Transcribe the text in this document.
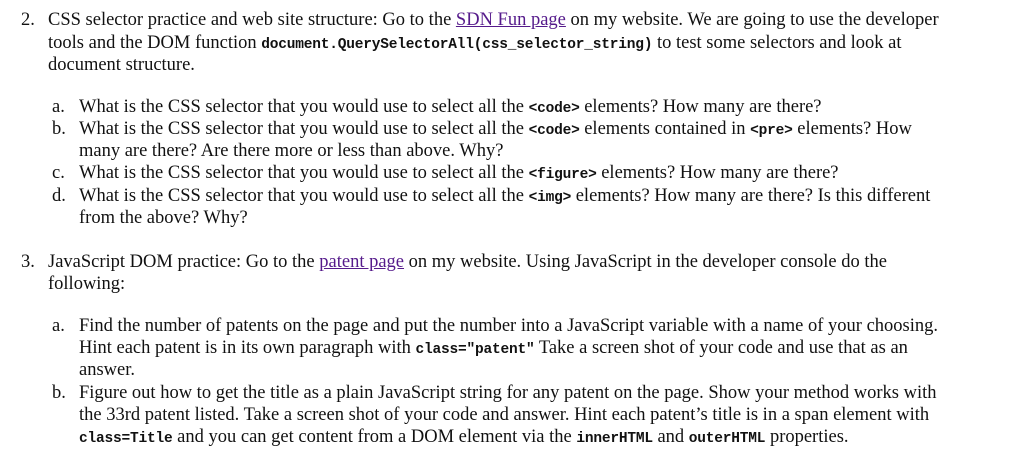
2. CSS selector practice and web site structure: Go to the SDN Fun page on my website. We are going to use the developer
tools and the DOM function document.QuerySelectorAll(css_selector_string) to test some selectors and look at
document structure.
a. What is the CSS selector that you would use to select all the <code> elements? How many are there?
b. What is the CSS selector that you would use to select all the <code> elements contained in <pre> elements? How
many are there? Are there more or less than above. Why?
c. What is the CSS selector that you would use to select all the <figure> elements? How many are there?
d. What is the CSS selector that you would use to select all the <img> elements? How many are there? Is this different
from the above? Why?
3. JavaScript DOM practice: Go to the patent page on my website. Using JavaScript in the developer console do the
following:
a. Find the number of patents on the page and put the number into a JavaScript variable with a name of your choosing.
Hint each patent is in its own paragraph with class="patent" Take a screen shot of your code and use that as an
answer.
b. Figure out how to get the title as a plain JavaScript string for any patent on the page. Show your method works with
the 33rd patent listed. Take a screen shot of your code and answer. Hint each patent’s title is in a span element with
class=Title and you can get content from a DOM element via the innerHTML and outerHTML properties.
